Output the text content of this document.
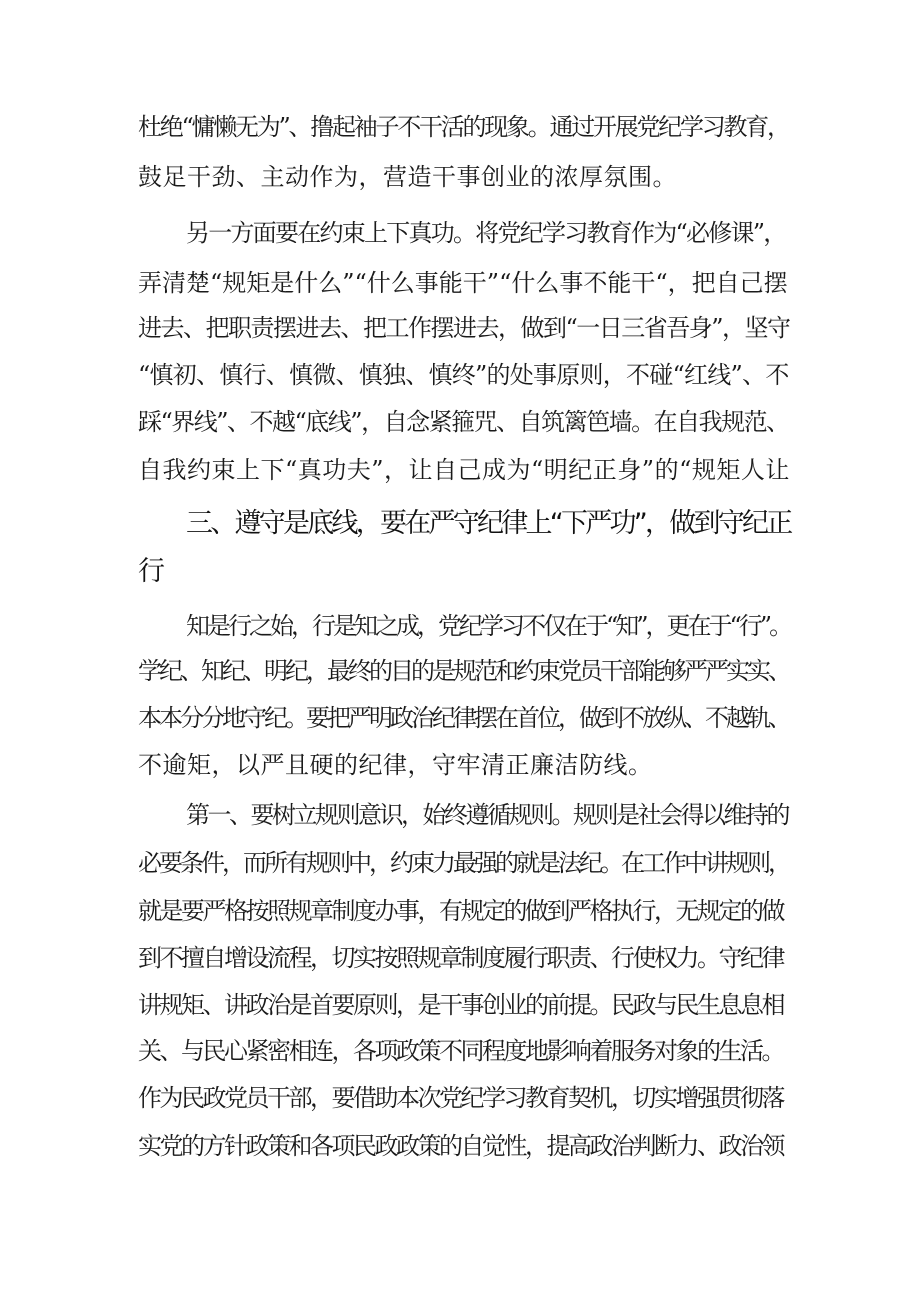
杜绝“慵懒无为”、撸起袖子不干活的现象。通过开展党纪学习教育，
鼓足干劲、主动作为，营造干事创业的浓厚氛围。
另一方面要在约束上下真功。将党纪学习教育作为“必修课”，
弄清楚“规矩是什么”“什么事能干”“什么事不能干“，把自己摆
进去、把职责摆进去、把工作摆进去，做到“一日三省吾身”，坚守
“慎初、慎行、慎微、慎独、慎终”的处事原则，不碰“红线”、不
踩“界线”、不越“底线”，自念紧箍咒、自筑篱笆墙。在自我规范、
自我约束上下“真功夫”，让自己成为“明纪正身”的“规矩人让
三、遵守是底线，要在严守纪律上“下严功”，做到守纪正
行
知是行之始，行是知之成，党纪学习不仅在于“知”，更在于“行”。
学纪、知纪、明纪，最终的目的是规范和约束党员干部能够严严实实、
本本分分地守纪。要把严明政治纪律摆在首位，做到不放纵、不越轨、
不逾矩，以严且硬的纪律，守牢清正廉洁防线。
第一、要树立规则意识，始终遵循规则。规则是社会得以维持的
必要条件，而所有规则中，约束力最强的就是法纪。在工作中讲规则，
就是要严格按照规章制度办事，有规定的做到严格执行，无规定的做
到不擅自增设流程，切实按照规章制度履行职责、行使权力。守纪律
讲规矩、讲政治是首要原则，是干事创业的前提。民政与民生息息相
关、与民心紧密相连，各项政策不同程度地影响着服务对象的生活。
作为民政党员干部，要借助本次党纪学习教育契机，切实增强贯彻落
实党的方针政策和各项民政政策的自觉性，提高政治判断力、政治领
